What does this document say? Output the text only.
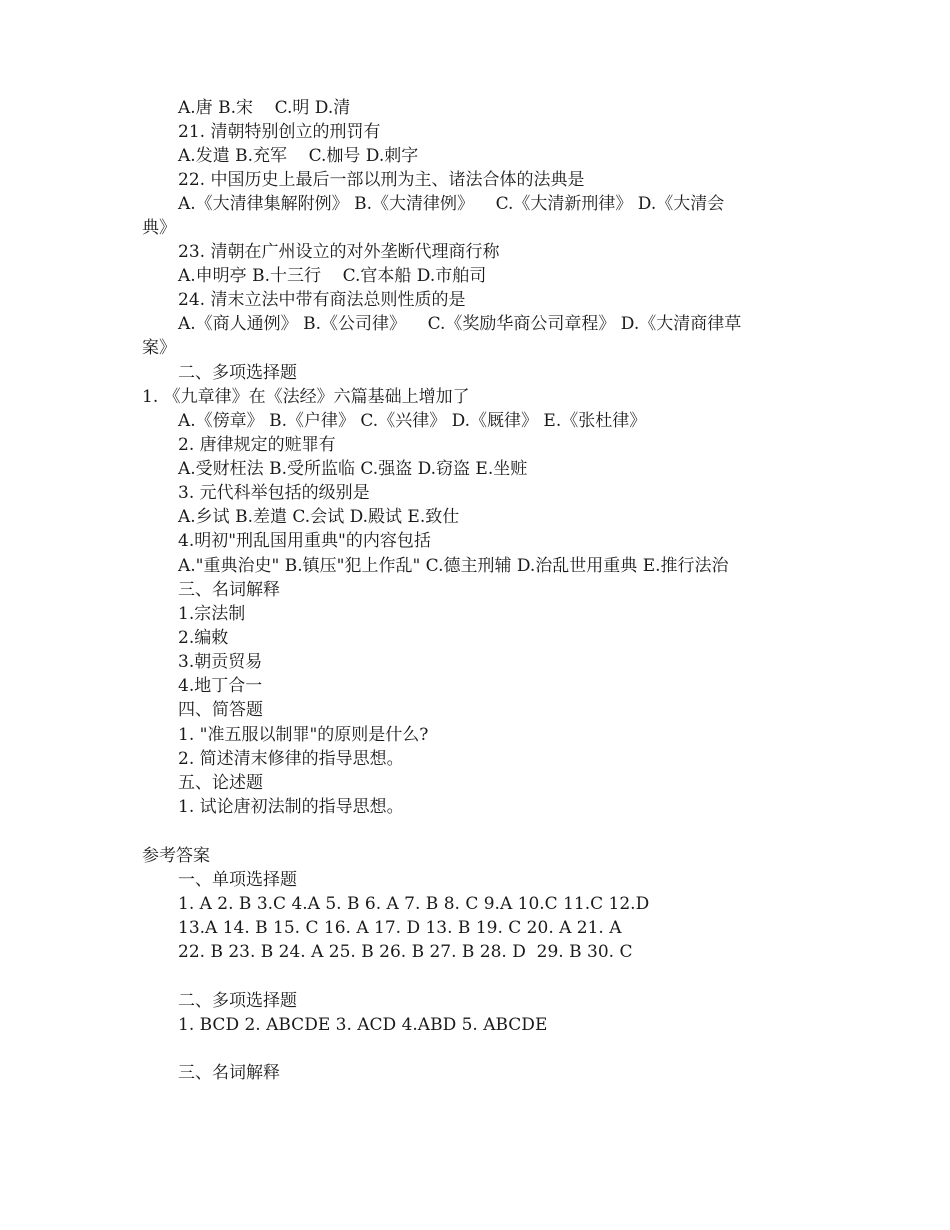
A.唐 B.宋    C.明 D.清
21. 清朝特别创立的刑罚有
A.发遣 B.充军    C.枷号 D.刺字
22. 中国历史上最后一部以刑为主、诸法合体的法典是
A.《大清律集解附例》 B.《大清律例》    C.《大清新刑律》 D.《大清会
典》
23. 清朝在广州设立的对外垄断代理商行称
A.申明亭 B.十三行    C.官本船 D.市舶司
24. 清末立法中带有商法总则性质的是
A.《商人通例》 B.《公司律》    C.《奖励华商公司章程》 D.《大清商律草
案》
二、多项选择题
1. 《九章律》在《法经》六篇基础上增加了
A.《傍章》 B.《户律》 C.《兴律》 D.《厩律》 E.《张杜律》
2. 唐律规定的赃罪有
A.受财枉法 B.受所监临 C.强盗 D.窃盗 E.坐赃
3. 元代科举包括的级别是
A.乡试 B.差遣 C.会试 D.殿试 E.致仕
4.明初"刑乱国用重典"的内容包括
A."重典治史" B.镇压"犯上作乱" C.德主刑辅 D.治乱世用重典 E.推行法治
三、名词解释
1.宗法制
2.编敕
3.朝贡贸易
4.地丁合一
四、简答题
1. "准五服以制罪"的原则是什么?
2. 简述清末修律的指导思想。
五、论述题
1. 试论唐初法制的指导思想。
参考答案
一、单项选择题
1. A 2. B 3.C 4.A 5. B 6. A 7. B 8. C 9.A 10.C 11.C 12.D
13.A 14. B 15. C 16. A 17. D 13. B 19. C 20. A 21. A
22. B 23. B 24. A 25. B 26. B 27. B 28. D  29. B 30. C
二、多项选择题
1. BCD 2. ABCDE 3. ACD 4.ABD 5. ABCDE
三、名词解释
